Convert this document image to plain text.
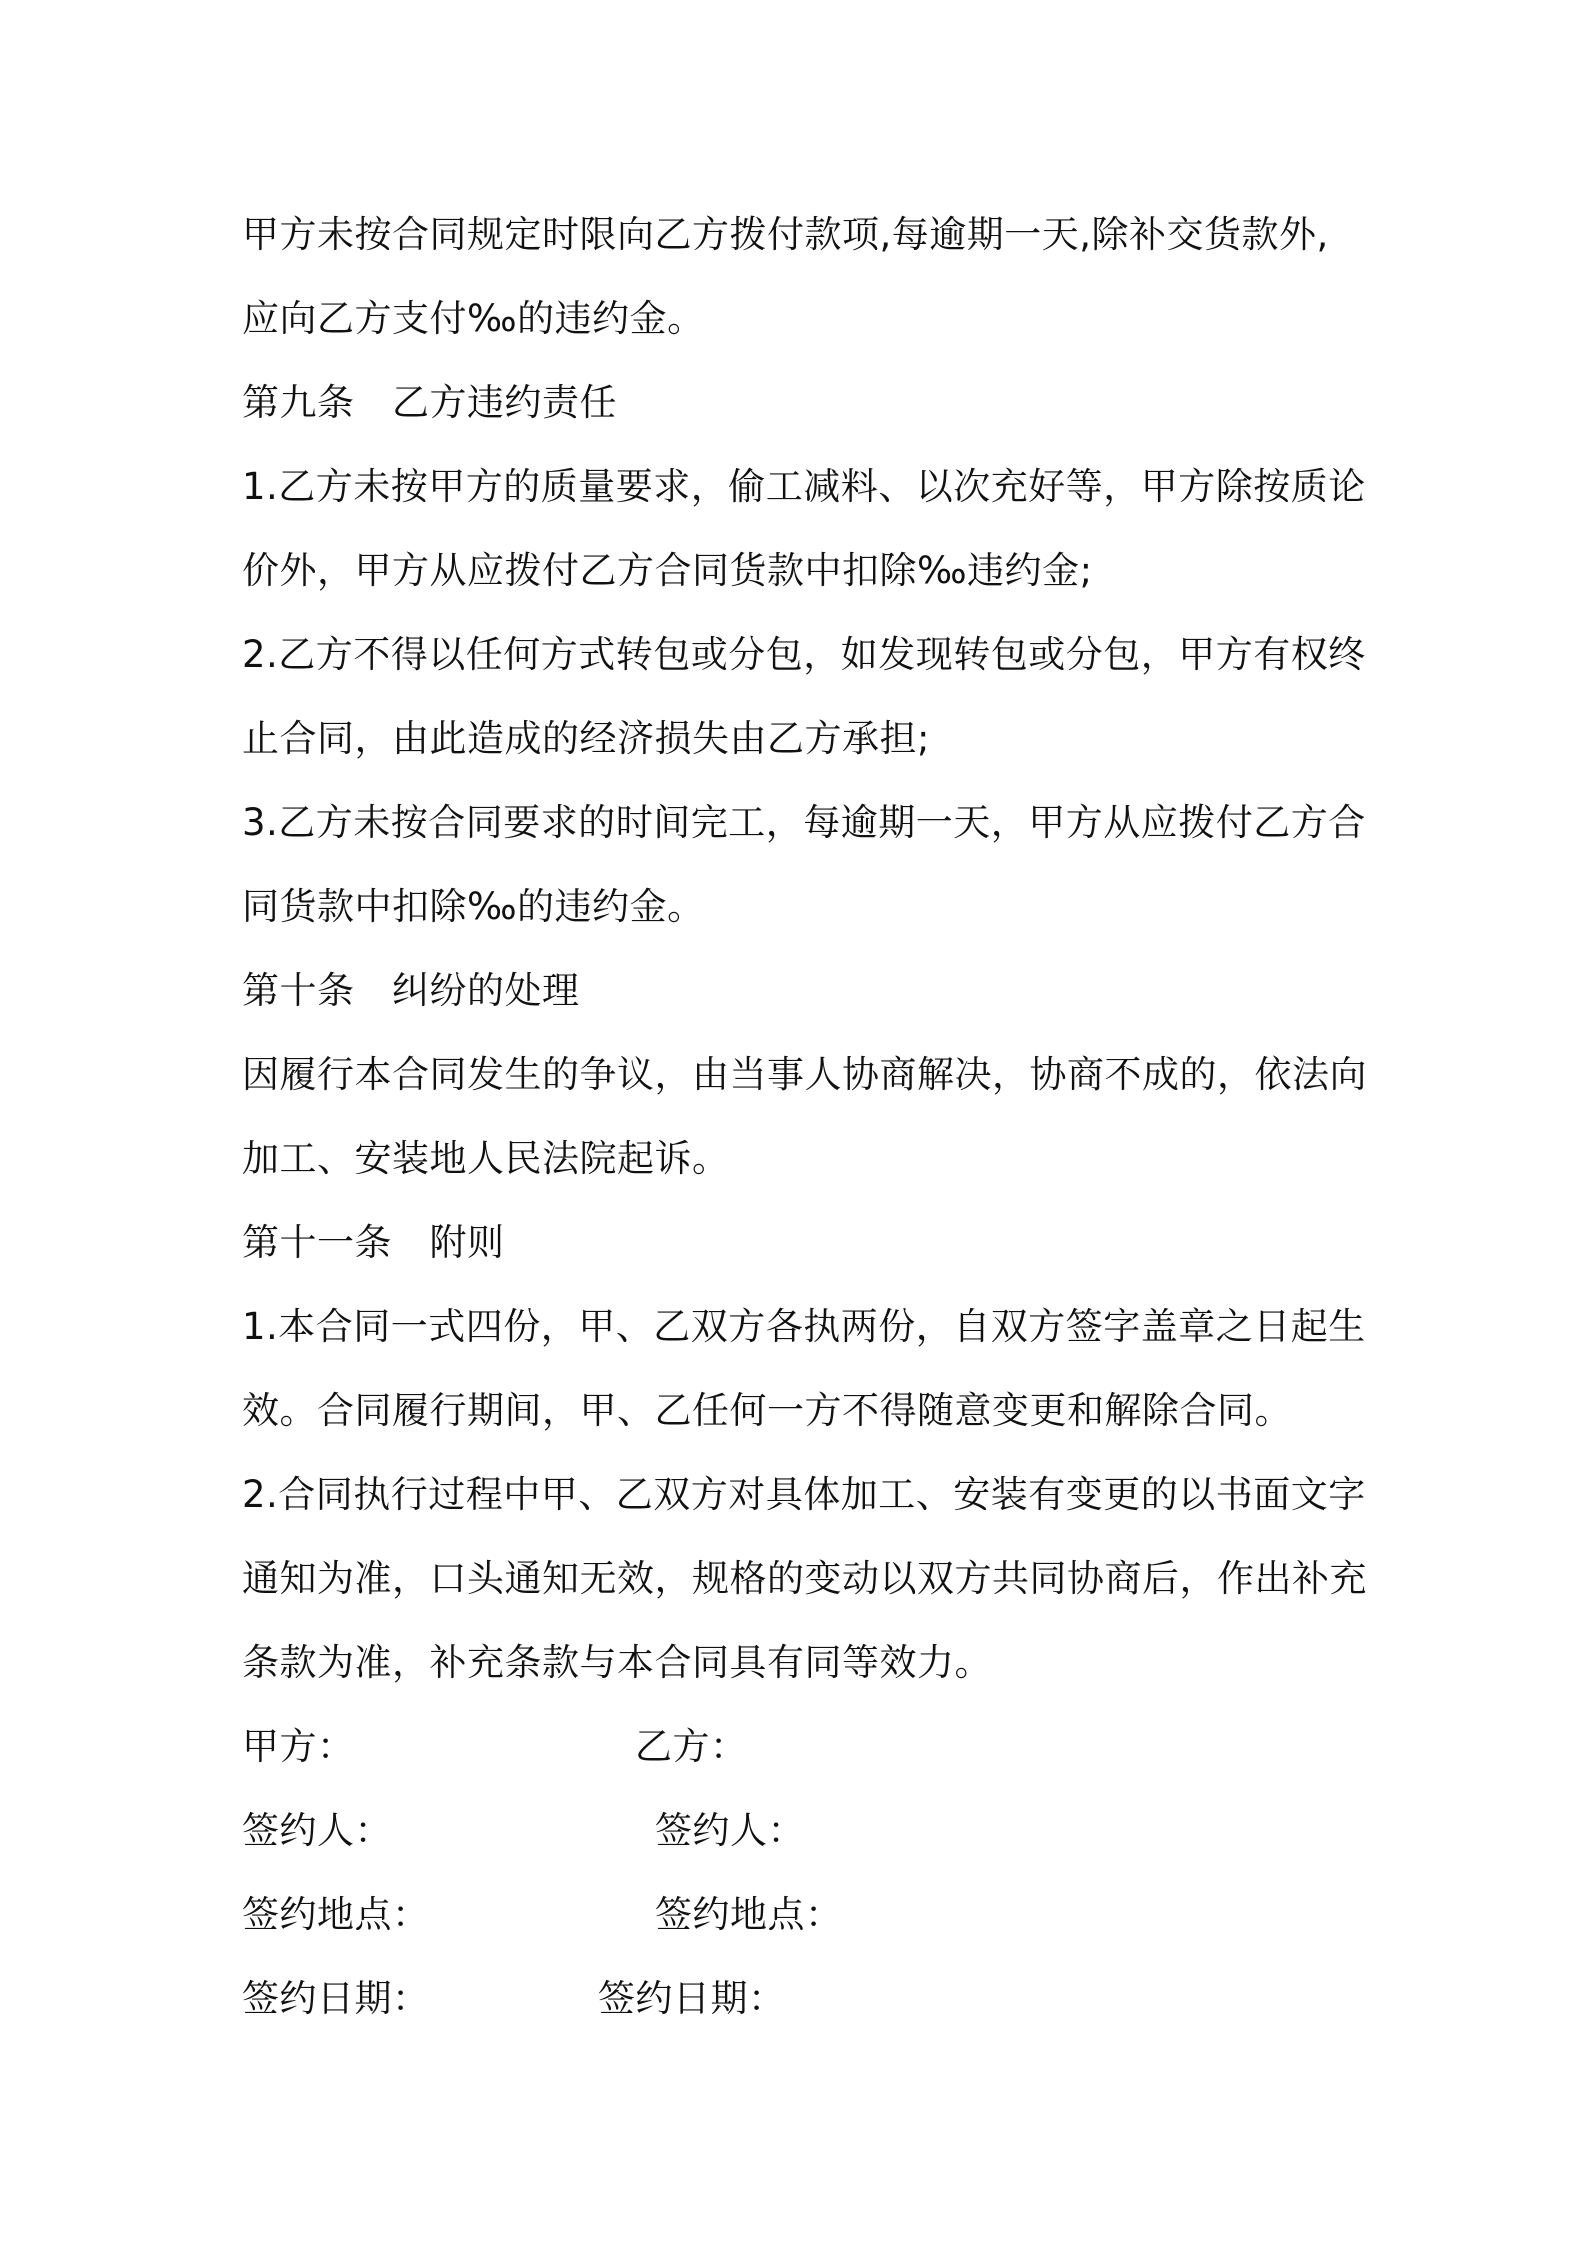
甲方未按合同规定时限向乙方拨付款项,每逾期一天,除补交货款外,
应向乙方支付‰的违约金。
第九条　乙方违约责任
1.乙方未按甲方的质量要求，偷工减料、以次充好等，甲方除按质论
价外，甲方从应拨付乙方合同货款中扣除‰违约金;
2.乙方不得以任何方式转包或分包，如发现转包或分包，甲方有权终
止合同，由此造成的经济损失由乙方承担;
3.乙方未按合同要求的时间完工，每逾期一天，甲方从应拨付乙方合
同货款中扣除‰的违约金。
第十条　纠纷的处理
因履行本合同发生的争议，由当事人协商解决，协商不成的，依法向
加工、安装地人民法院起诉。
第十一条　附则
1.本合同一式四份，甲、乙双方各执两份，自双方签字盖章之日起生
效。合同履行期间，甲、乙任何一方不得随意变更和解除合同。
2.合同执行过程中甲、乙双方对具体加工、安装有变更的以书面文字
通知为准，口头通知无效，规格的变动以双方共同协商后，作出补充
条款为准，补充条款与本合同具有同等效力。
甲方：	乙方：
签约人：	签约人：
签约地点：	签约地点：
签约日期：	签约日期：
